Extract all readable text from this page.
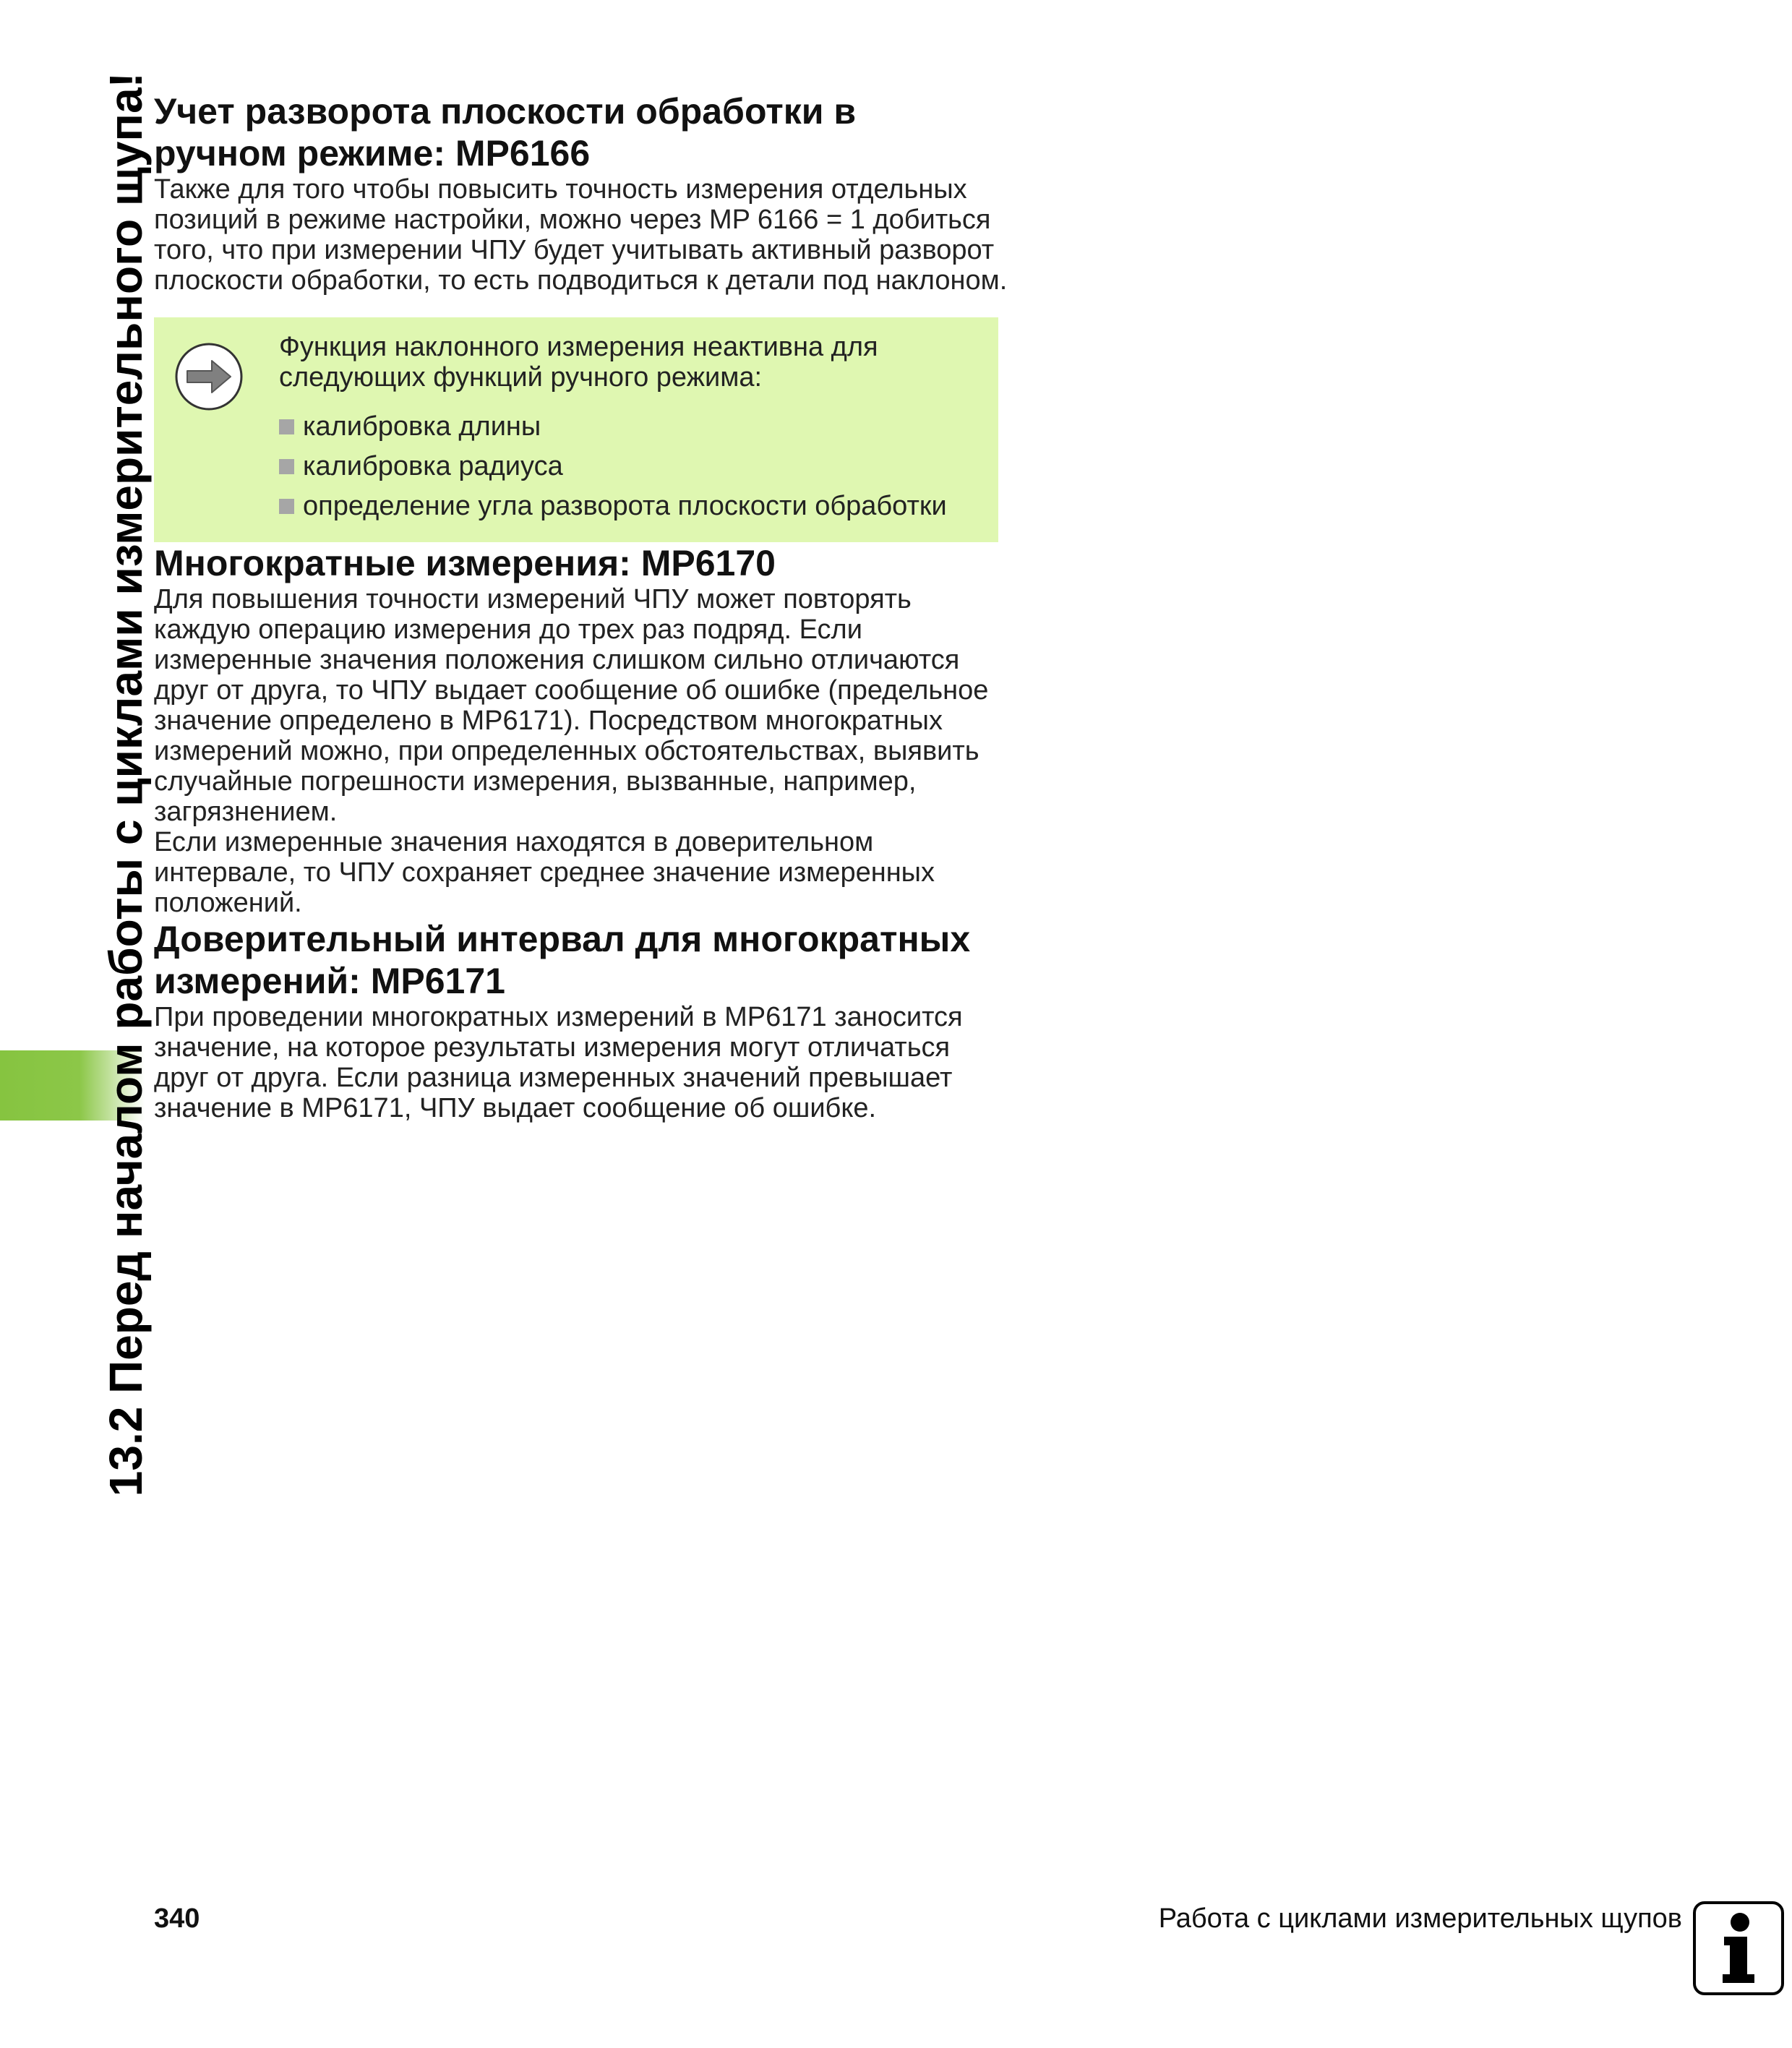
13.2 Перед началом работы с циклами измерительного щупа! Учет разворота плоскости обработки в
ручном режиме: MP6166

Также для того чтобы повысить точность измерения отдельных позиций в режиме настройки, можно через MP 6166 = 1 добиться того, что при измерении ЧПУ будет учитывать активный разворот плоскости обработки, то есть подводиться к детали под наклоном.

Функция наклонного измерения неактивна для следующих функций ручного режима:

калибровка длины
калибровка радиуса
определение угла разворота плоскости обработки
Многократные измерения: MP6170

Для повышения точности измерений ЧПУ может повторять каждую операцию измерения до трех раз подряд. Если измеренные значения положения слишком сильно отличаются друг от друга, то ЧПУ выдает сообщение об ошибке (предельное значение определено в MP6171). Посредством многократных измерений можно, при определенных обстоятельствах, выявить случайные погрешности измерения, вызванные, например, загрязнением.

Если измеренные значения находятся в доверительном интервале, то ЧПУ сохраняет среднее значение измеренных положений.

Доверительный интервал для многократных
измерений: MP6171

При проведении многократных измерений в MP6171 заносится значение, на которое результаты измерения могут отличаться друг от друга. Если разница измеренных значений превышает значение в MP6171, ЧПУ выдает сообщение об ошибке.

340	Работа с циклами измерительных щупов
